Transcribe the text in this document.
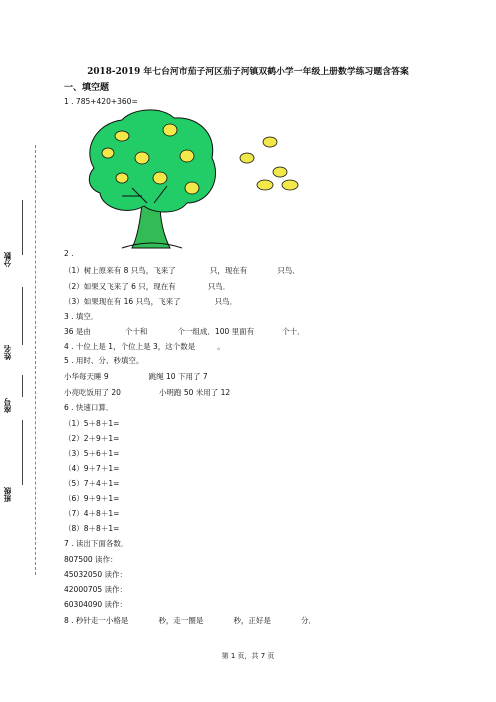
分数
姓名
座号
班级
2018-2019 年七台河市茄子河区茄子河镇双鹤小学一年级上册数学练习题含答案
一、填空题
1 . 785+420+360=
2 .
（1）树上原来有 8 只鸟，飞来了	只，现在有	只鸟．
（2）如果又飞来了 6 只，现在有	只鸟．
（3）如果现在有 16 只鸟，飞来了	只鸟．
3 . 填空．
36 是由	个十和	个一组成．100 里面有	个十．
4 . 十位上是 1，个位上是 3，这个数是	。
5 . 用时、分、秒填空。
小华每天睡 9	跳绳 10 下用了 7
小亮吃饭用了 20	小明跑 50 米用了 12
6 . 快速口算．
（1）5＋8＋1=
（2）2＋9＋1=
（3）5＋6＋1=
（4）9＋7＋1=
（5）7＋4＋1=
（6）9＋9＋1=
（7）4＋8＋1=
（8）8＋8＋1=
7 . 读出下面各数．
807500 读作：
45032050 读作：
42000705 读作：
60304090 读作：
8 . 秒针走一小格是	秒，走一圈是	秒，正好是	分．
第 1 页，共 7 页
